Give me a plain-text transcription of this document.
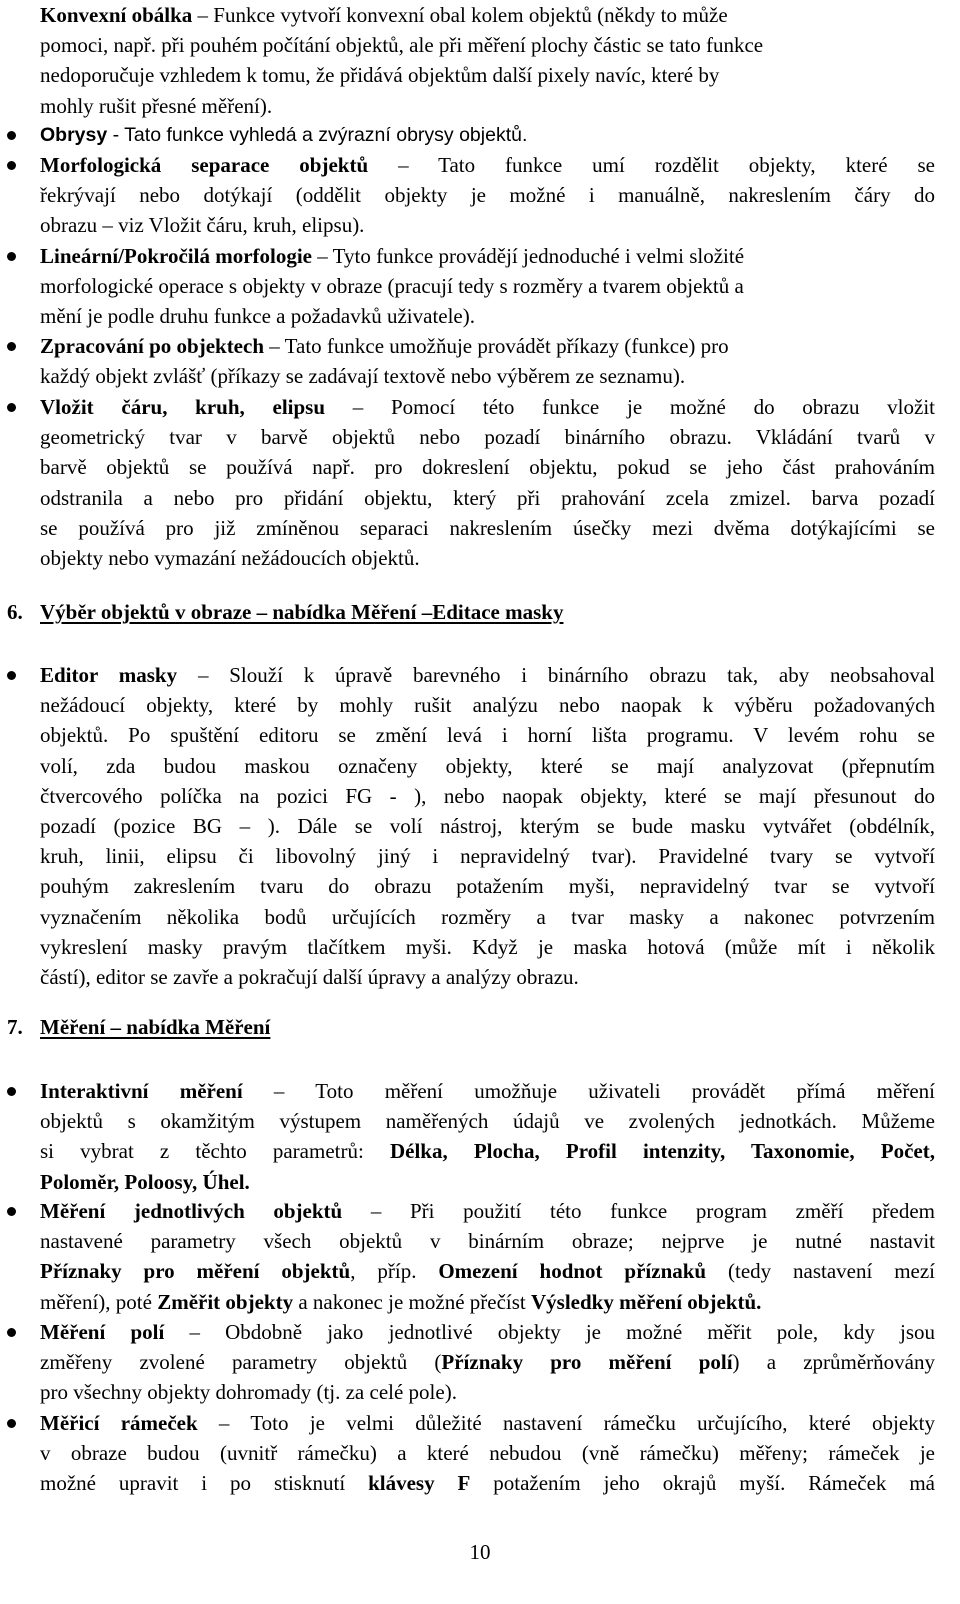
Konvexní obálka – Funkce vytvoří konvexní obal kolem objektů (někdy to může
pomoci, např. při pouhém počítání objektů, ale při měření plochy částic se tato funkce
nedoporučuje vzhledem k tomu, že přidává objektům další pixely navíc, které by
mohly rušit přesné měření).
Obrysy - Tato funkce vyhledá a zvýrazní obrysy objektů.
Morfologická separace objektů – Tato funkce umí rozdělit objekty, které se
řekrývají nebo dotýkají (oddělit objekty je možné i manuálně, nakreslením čáry do
obrazu – viz Vložit čáru, kruh, elipsu).
Lineární/Pokročilá morfologie – Tyto funkce provádějí jednoduché i velmi složité
morfologické operace s objekty v obraze (pracují tedy s rozměry a tvarem objektů a
mění je podle druhu funkce a požadavků uživatele).
Zpracování po objektech – Tato funkce umožňuje provádět příkazy (funkce) pro
každý objekt zvlášť (příkazy se zadávají textově nebo výběrem ze seznamu).
Vložit čáru, kruh, elipsu – Pomocí této funkce je možné do obrazu vložit
geometrický tvar v barvě objektů nebo pozadí binárního obrazu. Vkládání tvarů v
barvě objektů se používá např. pro dokreslení objektu, pokud se jeho část prahováním
odstranila a nebo pro přidání objektu, který při prahování zcela zmizel. barva pozadí
se používá pro již zmíněnou separaci nakreslením úsečky mezi dvěma dotýkajícími se
objekty nebo vymazání nežádoucích objektů.
Editor masky – Slouží k úpravě barevného i binárního obrazu tak, aby neobsahoval
nežádoucí objekty, které by mohly rušit analýzu nebo naopak k výběru požadovaných
objektů. Po spuštění editoru se změní levá i horní lišta programu. V levém rohu se
volí, zda budou maskou označeny objekty, které se mají analyzovat (přepnutím
čtvercového políčka na pozici FG - ), nebo naopak objekty, které se mají přesunout do
pozadí (pozice BG – ). Dále se volí nástroj, kterým se bude masku vytvářet (obdélník,
kruh, linii, elipsu či libovolný jiný i nepravidelný tvar). Pravidelné tvary se vytvoří
pouhým zakreslením tvaru do obrazu potažením myši, nepravidelný tvar se vytvoří
vyznačením několika bodů určujících rozměry a tvar masky a nakonec potvrzením
vykreslení masky pravým tlačítkem myši. Když je maska hotová (může mít i několik
částí), editor se zavře a pokračují další úpravy a analýzy obrazu.
Interaktivní měření – Toto měření umožňuje uživateli provádět přímá měření
objektů s okamžitým výstupem naměřených údajů ve zvolených jednotkách. Můžeme
si vybrat z těchto parametrů: Délka, Plocha, Profil intenzity, Taxonomie, Počet,
Poloměr, Poloosy, Úhel.
Měření jednotlivých objektů – Při použití této funkce program změří předem
nastavené parametry všech objektů v binárním obraze; nejprve je nutné nastavit
Příznaky pro měření objektů, příp. Omezení hodnot příznaků (tedy nastavení mezí
měření), poté Změřit objekty a nakonec je možné přečíst Výsledky měření objektů.
Měření polí – Obdobně jako jednotlivé objekty je možné měřit pole, kdy jsou
změřeny zvolené parametry objektů (Příznaky pro měření polí) a zprůměrňovány
pro všechny objekty dohromady (tj. za celé pole).
Měřicí rámeček – Toto je velmi důležité nastavení rámečku určujícího, které objekty
v obraze budou (uvnitř rámečku) a které nebudou (vně rámečku) měřeny; rámeček je
možné upravit i po stisknutí klávesy F potažením jeho okrajů myší. Rámeček má
6. Výběr objektů v obraze – nabídka Měření –Editace masky
7. Měření – nabídka Měření
10
